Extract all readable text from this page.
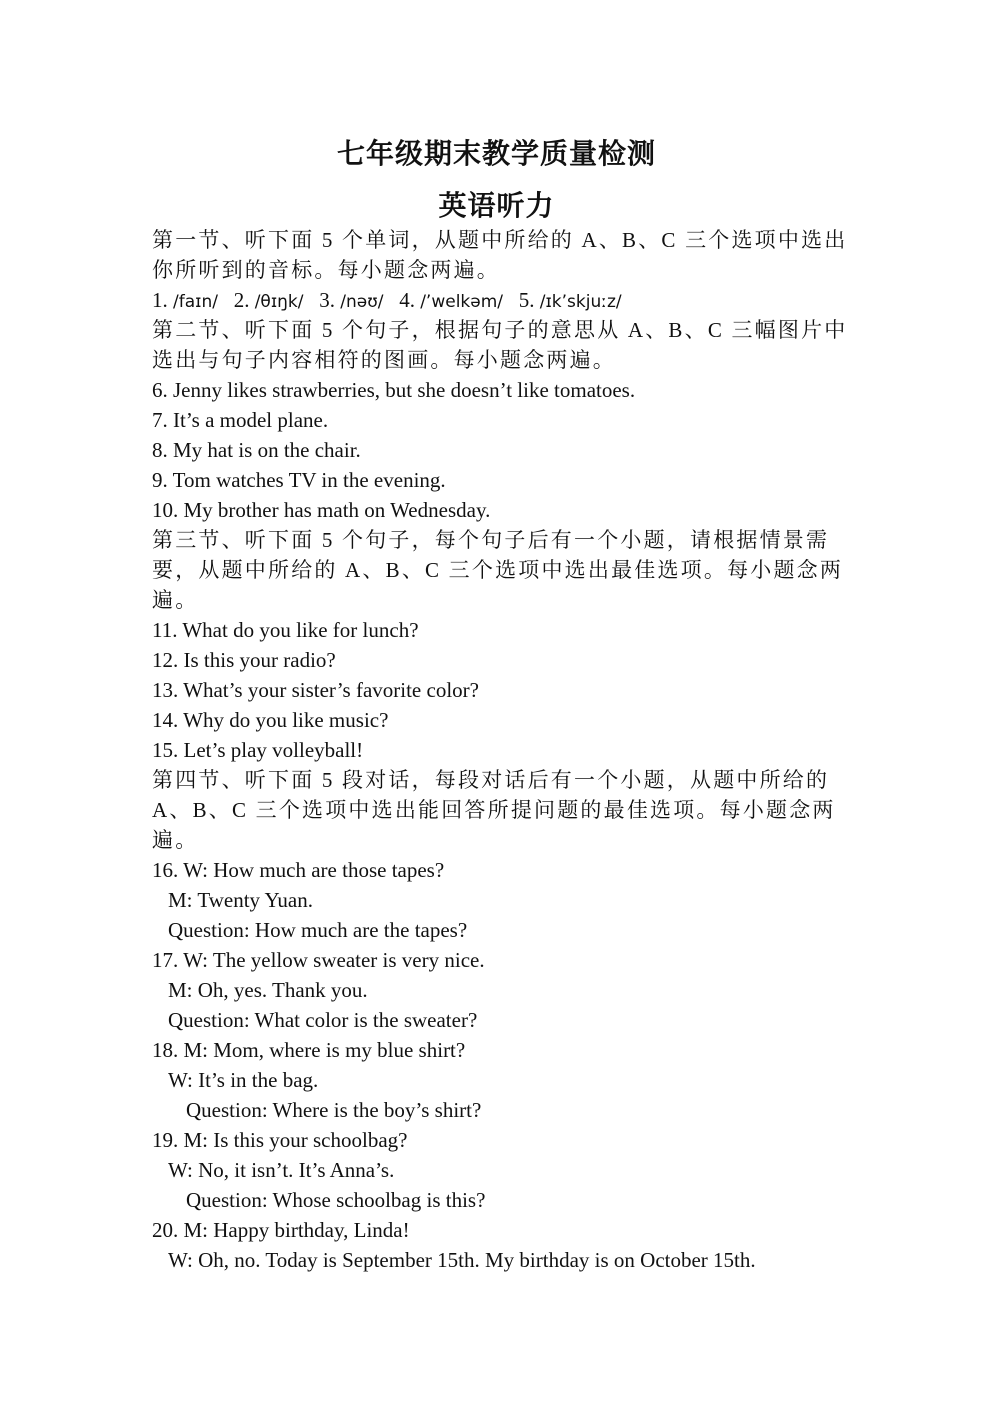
七年级期末教学质量检测
英语听力
第一节、听下面 5 个单词，从题中所给的 A、B、C 三个选项中选出
你所听到的音标。每小题念两遍。
1. /faɪn/ 2. /θɪŋk/ 3. /nəʊ/ 4. /’welkəm/ 5. /ɪk’skjuːz/
第二节、听下面 5 个句子，根据句子的意思从 A、B、C 三幅图片中
选出与句子内容相符的图画。每小题念两遍。
6. Jenny likes strawberries, but she doesn’t like tomatoes.
7. It’s a model plane.
8. My hat is on the chair.
9. Tom watches TV in the evening.
10. My brother has math on Wednesday.
第三节、听下面 5 个句子，每个句子后有一个小题，请根据情景需
要，从题中所给的 A、B、C 三个选项中选出最佳选项。每小题念两
遍。
11. What do you like for lunch?
12. Is this your radio?
13. What’s your sister’s favorite color?
14. Why do you like music?
15. Let’s play volleyball!
第四节、听下面 5 段对话，每段对话后有一个小题，从题中所给的
A、B、C 三个选项中选出能回答所提问题的最佳选项。每小题念两
遍。
16. W: How much are those tapes?
M: Twenty Yuan.
Question: How much are the tapes?
17. W: The yellow sweater is very nice.
M: Oh, yes. Thank you.
Question: What color is the sweater?
18. M: Mom, where is my blue shirt?
W: It’s in the bag.
Question: Where is the boy’s shirt?
19. M: Is this your schoolbag?
W: No, it isn’t. It’s Anna’s.
Question: Whose schoolbag is this?
20. M: Happy birthday, Linda!
W: Oh, no. Today is September 15th. My birthday is on October 15th.
